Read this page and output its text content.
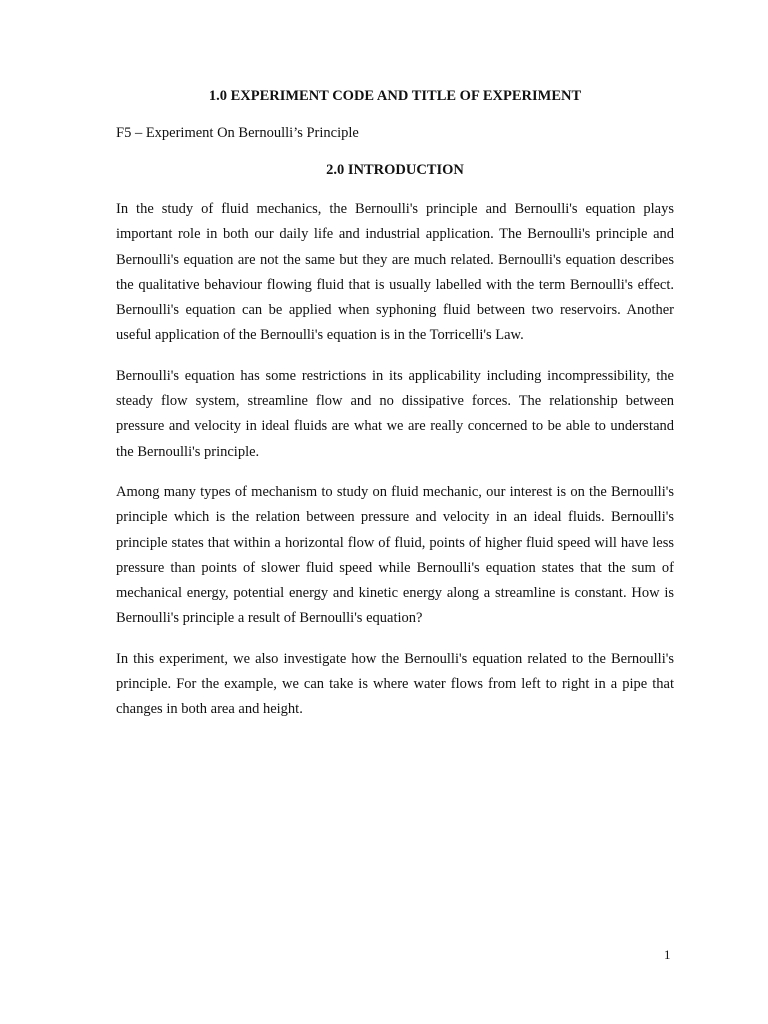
1.0 EXPERIMENT CODE AND TITLE OF EXPERIMENT

F5 – Experiment On Bernoulli’s Principle

2.0 INTRODUCTION

In the study of fluid mechanics, the Bernoulli's principle and Bernoulli's equation plays important role in both our daily life and industrial application. The Bernoulli's principle and Bernoulli's equation are not the same but they are much related. Bernoulli's equation describes the qualitative behaviour flowing fluid that is usually labelled with the term Bernoulli's effect. Bernoulli's equation can be applied when syphoning fluid between two reservoirs. Another useful application of the Bernoulli's equation is in the Torricelli's Law.

Bernoulli's equation has some restrictions in its applicability including incompressibility, the steady flow system, streamline flow and no dissipative forces. The relationship between pressure and velocity in ideal fluids are what we are really concerned to be able to understand the Bernoulli's principle.

Among many types of mechanism to study on fluid mechanic, our interest is on the Bernoulli's principle which is the relation between pressure and velocity in an ideal fluids. Bernoulli's principle states that within a horizontal flow of fluid, points of higher fluid speed will have less pressure than points of slower fluid speed while Bernoulli's equation states that the sum of mechanical energy, potential energy and kinetic energy along a streamline is constant. How is Bernoulli's principle a result of Bernoulli's equation?

In this experiment, we also investigate how the Bernoulli's equation related to the Bernoulli's principle. For the example, we can take is where water flows from left to right in a pipe that changes in both area and height.

1
